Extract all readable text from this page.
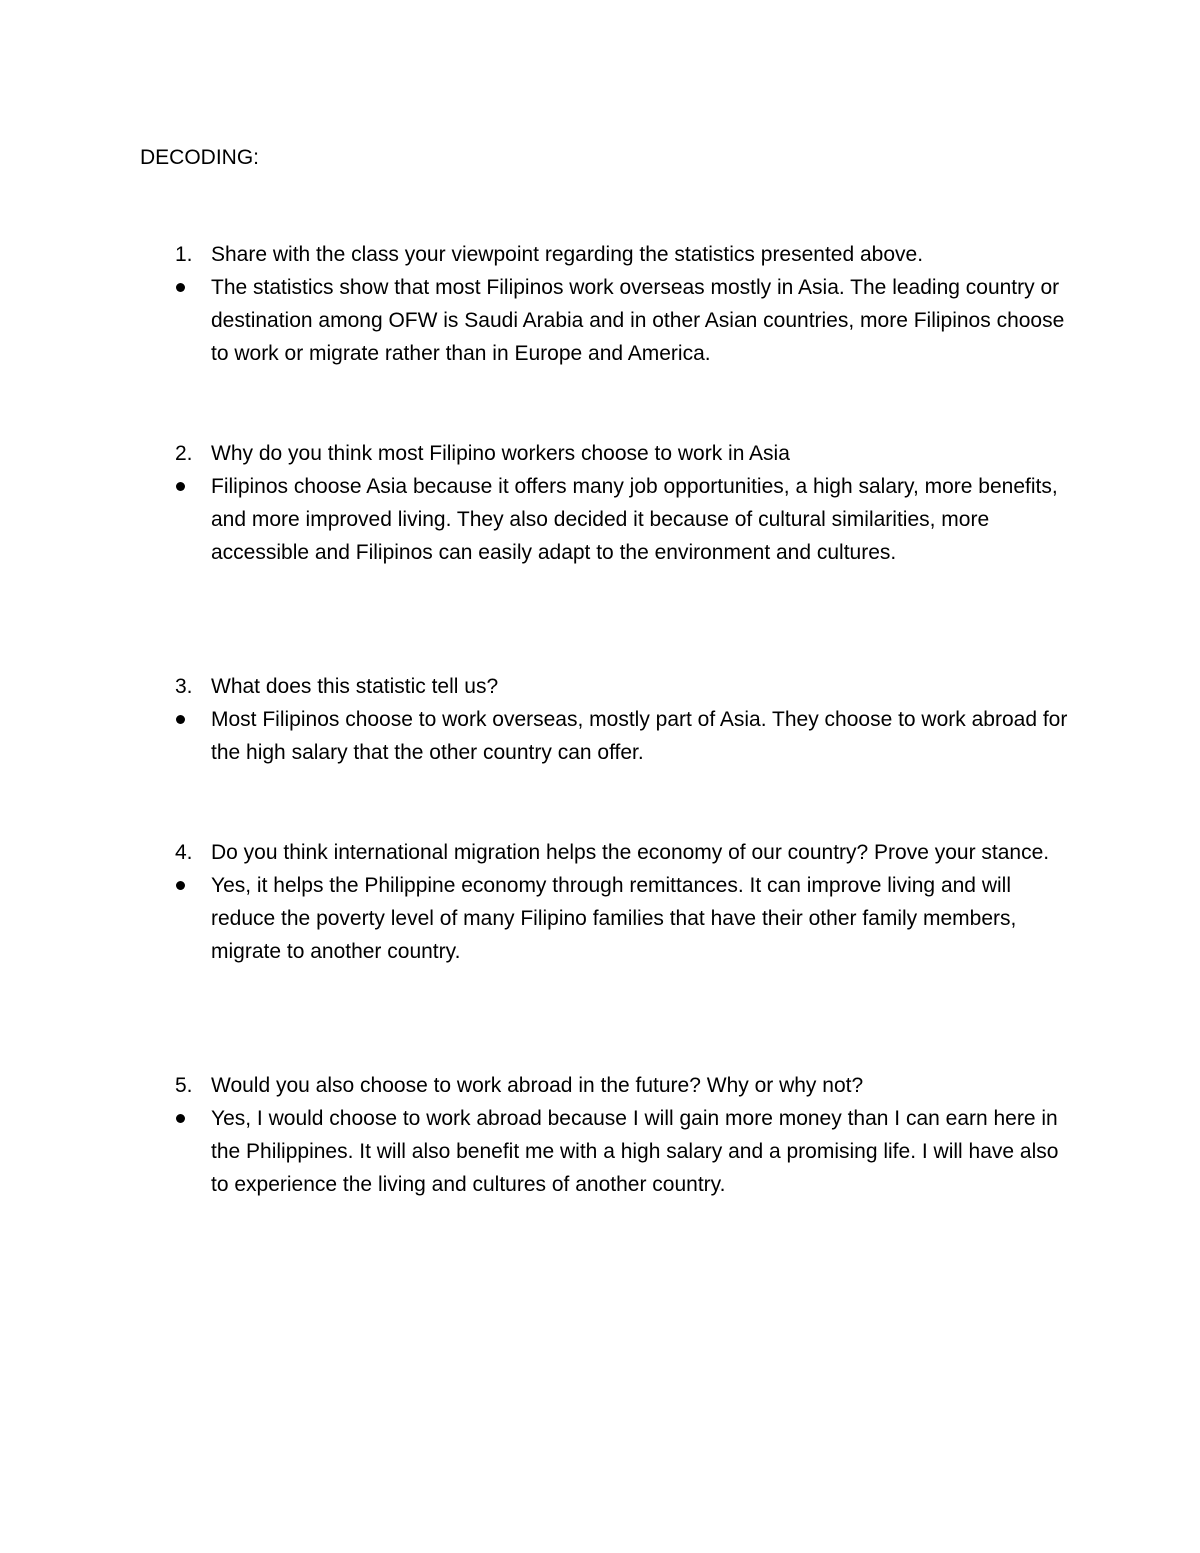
DECODING:
1. Share with the class your viewpoint regarding the statistics presented above.
The statistics show that most Filipinos work overseas mostly in Asia. The leading country or destination among OFW is Saudi Arabia and in other Asian countries, more Filipinos choose to work or migrate rather than in Europe and America.
2. Why do you think most Filipino workers choose to work in Asia
Filipinos choose Asia because it offers many job opportunities, a high salary, more benefits, and more improved living. They also decided it because of cultural similarities, more accessible and Filipinos can easily adapt to the environment and cultures.
3. What does this statistic tell us?
Most Filipinos choose to work overseas, mostly part of Asia. They choose to work abroad for the high salary that the other country can offer.
4. Do you think international migration helps the economy of our country? Prove your stance.
Yes, it helps the Philippine economy through remittances. It can improve living and will reduce the poverty level of many Filipino families that have their other family members, migrate to another country.
5. Would you also choose to work abroad in the future? Why or why not?
Yes, I would choose to work abroad because I will gain more money than I can earn here in the Philippines. It will also benefit me with a high salary and a promising life. I will have also to experience the living and cultures of another country.
